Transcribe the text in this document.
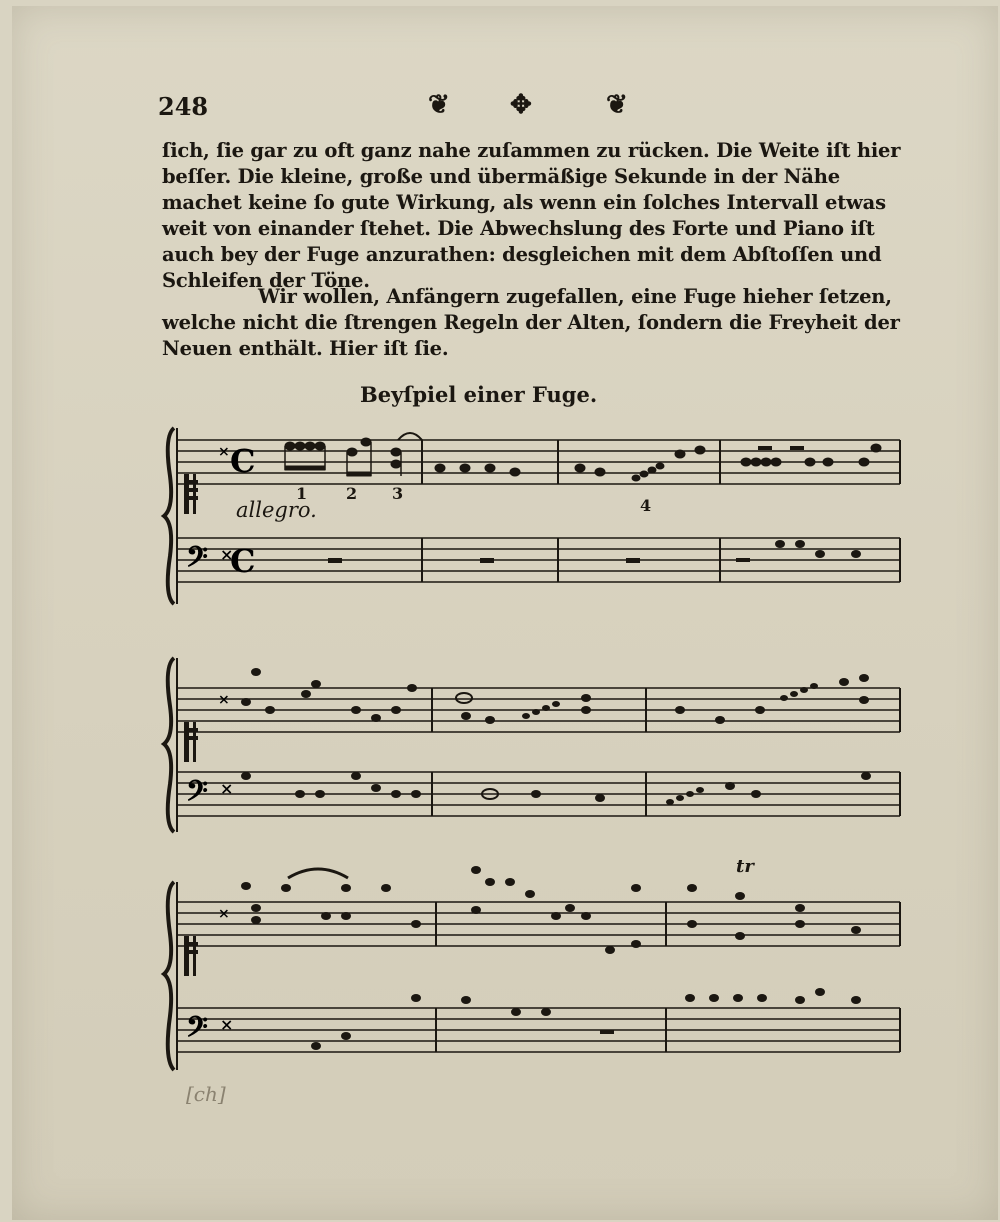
248	❦ ✥	❦

ſich, ſie gar zu oft ganz nahe zuſammen zu rücken. Die Weite iſt hier beſſer. Die kleine, große und übermäßige Sekunde in der Nähe machet keine ſo gute Wirkung, als wenn ein ſolches Intervall etwas weit von einander ſtehet. Die Abwechslung des Forte und Piano iſt auch bey der Fuge anzurathen: desgleichen mit dem Abſtoſſen und Schleifen der Töne.

Wir wollen, Anfängern zugefallen, eine Fuge hieher ſetzen, welche nicht die ſtrengen Regeln der Alten, ſondern die Freyheit der Neuen enthält. Hier iſt ſie.

Beyſpiel einer Fuge.
× C
𝄢 ×
C
allegro.
1 2 3
4
×
𝄢 ×
×
𝄢 ×
tr
[ch]
